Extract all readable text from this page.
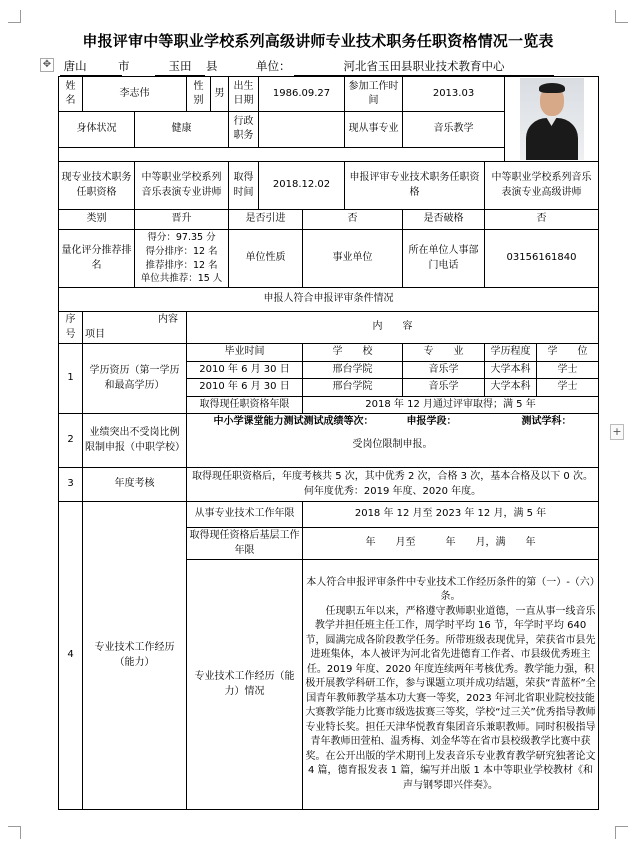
申报评审中等职业学校系列高级讲师专业技术职务任职资格情况一览表
✥
+
唐山	市	玉田	县	单位：	河北省玉田县职业技术教育中心
姓名	李志伟		性别	男	出生日期	1986.09.27		参加工作时间	2013.03			

身体状况		健康			行政职务			现从事专业	音乐教学			

现专业技术职务任职资格		中等职业学校系列音乐表演专业讲师			取得时间	2018.12.02		申报评审专业技术职务任职资格		中等职业学校系列音乐表演专业高级讲师		
类别		晋升			是否引进		否		是否破格	否		
量化评分推荐排名		得分：97.35 分
得分排序：12 名
推荐排序：12 名
单位共推荐：15 人			单位性质		事业单位		所在单位人事部门电话	03156161840		
申报人符合申报评审条件情况												
序号	内容
项目		内　　容									
1	学历资历（第一学历和最高学历）		毕业时间				学　　校		专　　业	学历程度		学　　位
			2010 年 6 月 30 日				邢台学院		音乐学	大学本科		学士
			2010 年 6 月 30 日				邢台学院		音乐学	大学本科		学士
			取得现任职资格年限				2018 年 12 月通过评审取得；满 5 年					
2	业绩突出不受岗比例限制申报（中职学校）		中小学课堂能力测试测试成绩等次： 申报学段： 测试学科：
受岗位限制申报。									

3	年度考核		取得现任职资格后，年度考核共 5 次，其中优秀 2 次，合格 3 次，基本合格及以下 0 次。何年度优秀：2019 年度、2020 年度。									
4	专业技术工作经历（能力）		从事专业技术工作年限				2018 年 12 月至 2023 年 12 月，满 5 年					
			取得现任资格后基层工作年限				年　　月至　　　年　　月，满　　年					
			专业技术工作经历（能力）情况				本人符合申报评审条件中专业技术工作经历条件的第（一）-（六）条。
任现职五年以来，严格遵守教师职业道德，一直从事一线音乐教学并担任班主任工作，周学时平均 16 节，年学时平均 640 节，圆满完成各阶段教学任务。所带班级表现优异，荣获省市县先进班集体，本人被评为河北省先进德育工作者、市县级优秀班主任。2019 年度、2020 年度连续两年考核优秀。教学能力强，积极开展教学科研工作，参与课题立项并成功结题，荣获“青蓝杯”全国青年教师教学基本功大赛一等奖，2023 年河北省职业院校技能大赛教学能力比赛市级选拔赛三等奖，学校“过三关”优秀指导教师专业特长奖。担任天津华悦教育集团音乐兼职教师。同时积极指导青年教师田萱柏、温秀梅、刘金华等在省市县校级教学比赛中获奖。在公开出版的学术期刊上发表音乐专业教育教学研究独著论文 4 篇，德育报发表 1 篇，编写并出版 1 本中等职业学校教材《和声与钢琴即兴伴奏》。					
